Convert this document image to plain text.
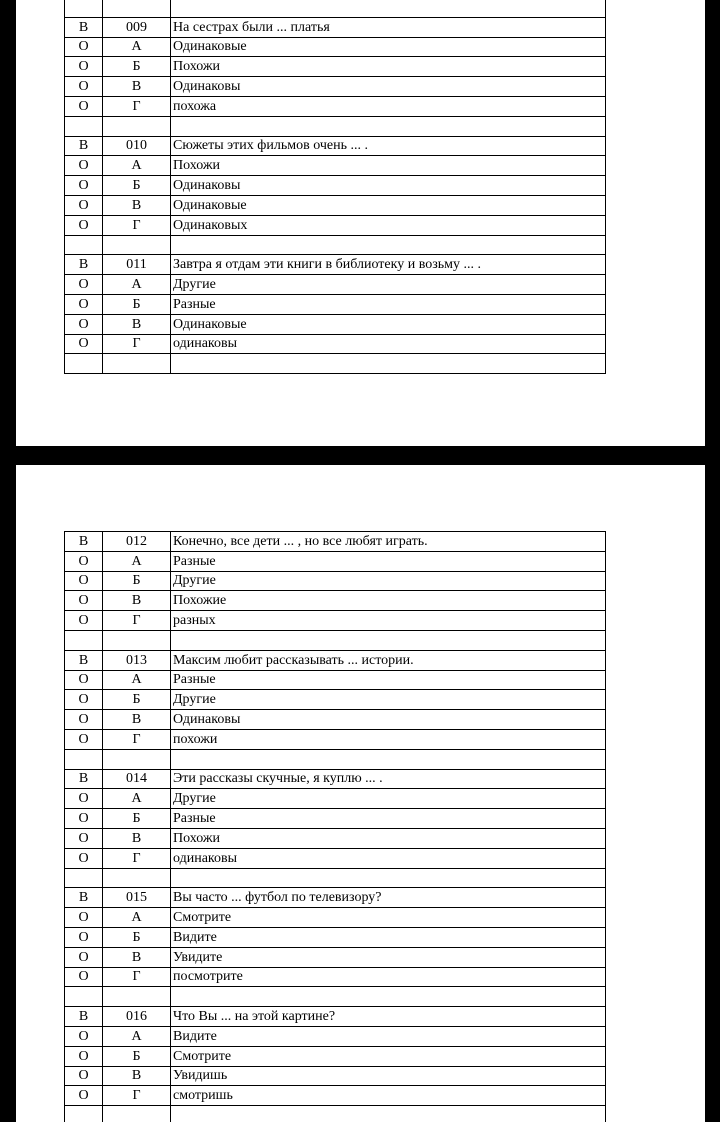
В	009	На сестрах были ... платья
О	А	Одинаковые
О	Б	Похожи
О	В	Одинаковы
О	Г	похожа

В	010	Сюжеты этих фильмов очень ... .
О	А	Похожи
О	Б	Одинаковы
О	В	Одинаковые
О	Г	Одинаковых

В	011	Завтра я отдам эти книги в библиотеку и возьму ... .
О	А	Другие
О	Б	Разные
О	В	Одинаковые
О	Г	одинаковы

В	012	Конечно, все дети ... , но все любят играть.
О	А	Разные
О	Б	Другие
О	В	Похожие
О	Г	разных

В	013	Максим любит рассказывать ... истории.
О	А	Разные
О	Б	Другие
О	В	Одинаковы
О	Г	похожи

В	014	Эти рассказы скучные, я куплю ... .
О	А	Другие
О	Б	Разные
О	В	Похожи
О	Г	одинаковы

В	015	Вы часто ... футбол по телевизору?
О	А	Смотрите
О	Б	Видите
О	В	Увидите
О	Г	посмотрите

В	016	Что Вы ... на этой картине?
О	А	Видите
О	Б	Смотрите
О	В	Увидишь
О	Г	смотришь
